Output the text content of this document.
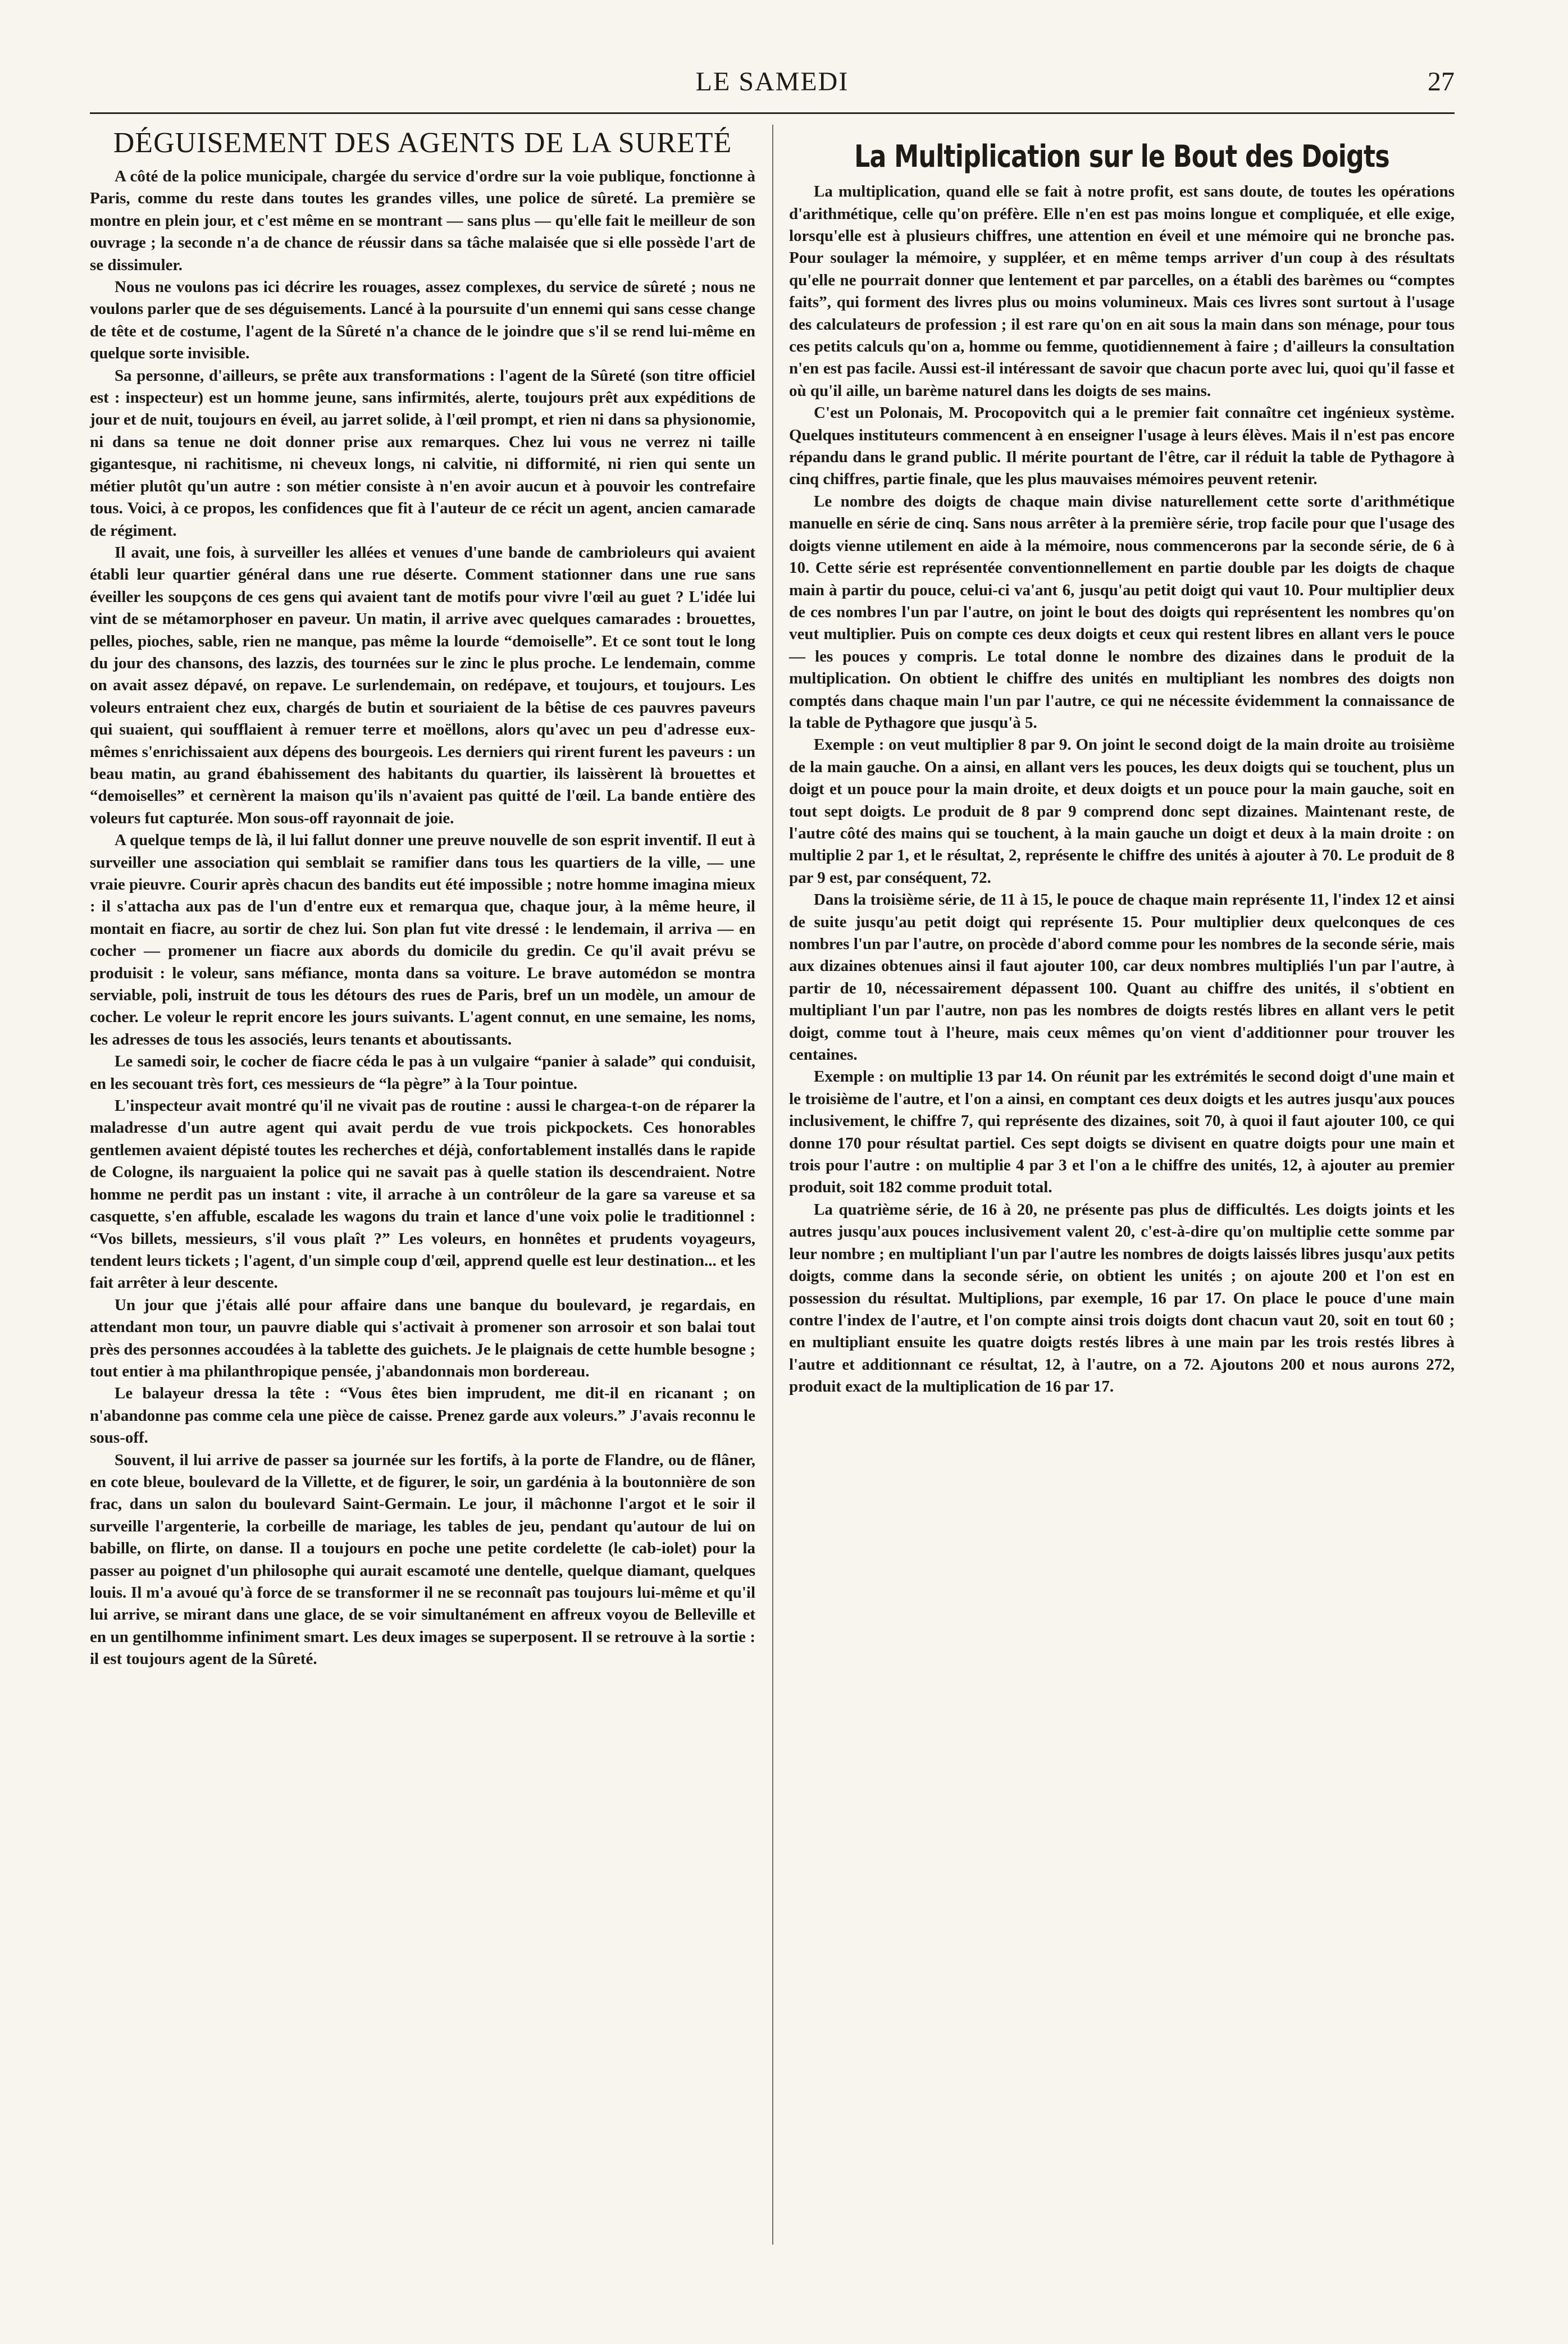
LE SAMEDI	27
DÉGUISEMENT DES AGENTS DE LA SURETÉ

A côté de la police municipale, chargée du service d'ordre sur la voie publique, fonctionne à Paris, comme du reste dans toutes les grandes villes, une police de sûreté. La première se montre en plein jour, et c'est même en se montrant — sans plus — qu'elle fait le meilleur de son ouvrage ; la seconde n'a de chance de réussir dans sa tâche malaisée que si elle possède l'art de se dissimuler.

Nous ne voulons pas ici décrire les rouages, assez complexes, du service de sûreté ; nous ne voulons parler que de ses déguisements. Lancé à la poursuite d'un ennemi qui sans cesse change de tête et de costume, l'agent de la Sûreté n'a chance de le joindre que s'il se rend lui-même en quelque sorte invisible.

Sa personne, d'ailleurs, se prête aux transformations : l'agent de la Sûreté (son titre officiel est : inspecteur) est un homme jeune, sans infirmités, alerte, toujours prêt aux expéditions de jour et de nuit, toujours en éveil, au jarret solide, à l'œil prompt, et rien ni dans sa physionomie, ni dans sa tenue ne doit donner prise aux remarques. Chez lui vous ne verrez ni taille gigantesque, ni rachitisme, ni cheveux longs, ni calvitie, ni difformité, ni rien qui sente un métier plutôt qu'un autre : son métier consiste à n'en avoir aucun et à pouvoir les contrefaire tous. Voici, à ce propos, les confidences que fit à l'auteur de ce récit un agent, ancien camarade de régiment.

Il avait, une fois, à surveiller les allées et venues d'une bande de cambrioleurs qui avaient établi leur quartier général dans une rue déserte. Comment stationner dans une rue sans éveiller les soupçons de ces gens qui avaient tant de motifs pour vivre l'œil au guet ? L'idée lui vint de se métamorphoser en paveur. Un matin, il arrive avec quelques camarades : brouettes, pelles, pioches, sable, rien ne manque, pas même la lourde “demoiselle”. Et ce sont tout le long du jour des chansons, des lazzis, des tournées sur le zinc le plus proche. Le lendemain, comme on avait assez dépavé, on repave. Le surlendemain, on redépave, et toujours, et toujours. Les voleurs entraient chez eux, chargés de butin et souriaient de la bêtise de ces pauvres paveurs qui suaient, qui soufflaient à remuer terre et moëllons, alors qu'avec un peu d'adresse eux-mêmes s'enrichissaient aux dépens des bourgeois. Les derniers qui rirent furent les paveurs : un beau matin, au grand ébahissement des habitants du quartier, ils laissèrent là brouettes et “demoiselles” et cernèrent la maison qu'ils n'avaient pas quitté de l'œil. La bande entière des voleurs fut capturée. Mon sous-off rayonnait de joie.

A quelque temps de là, il lui fallut donner une preuve nouvelle de son esprit inventif. Il eut à surveiller une association qui semblait se ramifier dans tous les quartiers de la ville, — une vraie pieuvre. Courir après chacun des bandits eut été impossible ; notre homme imagina mieux : il s'attacha aux pas de l'un d'entre eux et remarqua que, chaque jour, à la même heure, il montait en fiacre, au sortir de chez lui. Son plan fut vite dressé : le lendemain, il arriva — en cocher — promener un fiacre aux abords du domicile du gredin. Ce qu'il avait prévu se produisit : le voleur, sans méfiance, monta dans sa voiture. Le brave automédon se montra serviable, poli, instruit de tous les détours des rues de Paris, bref un un modèle, un amour de cocher. Le voleur le reprit encore les jours suivants. L'agent connut, en une semaine, les noms, les adresses de tous les associés, leurs tenants et aboutissants.

Le samedi soir, le cocher de fiacre céda le pas à un vulgaire “panier à salade” qui conduisit, en les secouant très fort, ces messieurs de “la pègre” à la Tour pointue.

L'inspecteur avait montré qu'il ne vivait pas de routine : aussi le chargea-t-on de réparer la maladresse d'un autre agent qui avait perdu de vue trois pickpockets. Ces honorables gentlemen avaient dépisté toutes les recherches et déjà, confortablement installés dans le rapide de Cologne, ils narguaient la police qui ne savait pas à quelle station ils descendraient. Notre homme ne perdit pas un instant : vite, il arrache à un contrôleur de la gare sa vareuse et sa casquette, s'en affuble, escalade les wagons du train et lance d'une voix polie le traditionnel : “Vos billets, messieurs, s'il vous plaît ?” Les voleurs, en honnêtes et prudents voyageurs, tendent leurs tickets ; l'agent, d'un simple coup d'œil, apprend quelle est leur destination... et les fait arrêter à leur descente.

Un jour que j'étais allé pour affaire dans une banque du boulevard, je regardais, en attendant mon tour, un pauvre diable qui s'activait à promener son arrosoir et son balai tout près des personnes accoudées à la tablette des guichets. Je le plaignais de cette humble besogne ; tout entier à ma philanthropique pensée, j'abandonnais mon bordereau.

Le balayeur dressa la tête : “Vous êtes bien imprudent, me dit-il en ricanant ; on n'abandonne pas comme cela une pièce de caisse. Prenez garde aux voleurs.” J'avais reconnu le sous-off.

Souvent, il lui arrive de passer sa journée sur les fortifs, à la porte de Flandre, ou de flâner, en cote bleue, boulevard de la Villette, et de figurer, le soir, un gardénia à la boutonnière de son frac, dans un salon du boulevard Saint-Germain. Le jour, il mâchonne l'argot et le soir il surveille l'argenterie, la corbeille de mariage, les tables de jeu, pendant qu'autour de lui on babille, on flirte, on danse. Il a toujours en poche une petite cordelette (le cab-iolet) pour la passer au poignet d'un philosophe qui aurait escamoté une dentelle, quelque diamant, quelques louis. Il m'a avoué qu'à force de se transformer il ne se reconnaît pas toujours lui-même et qu'il lui arrive, se mirant dans une glace, de se voir simultanément en affreux voyou de Belleville et en un gentilhomme infiniment smart. Les deux images se superposent. Il se retrouve à la sortie : il est toujours agent de la Sûreté.

La Multiplication sur le Bout des Doigts

La multiplication, quand elle se fait à notre profit, est sans doute, de toutes les opérations d'arithmétique, celle qu'on préfère. Elle n'en est pas moins longue et compliquée, et elle exige, lorsqu'elle est à plusieurs chiffres, une attention en éveil et une mémoire qui ne bronche pas. Pour soulager la mémoire, y suppléer, et en même temps arriver d'un coup à des résultats qu'elle ne pourrait donner que lentement et par parcelles, on a établi des barèmes ou “comptes faits”, qui forment des livres plus ou moins volumineux. Mais ces livres sont surtout à l'usage des calculateurs de profession ; il est rare qu'on en ait sous la main dans son ménage, pour tous ces petits calculs qu'on a, homme ou femme, quotidiennement à faire ; d'ailleurs la consultation n'en est pas facile. Aussi est-il intéressant de savoir que chacun porte avec lui, quoi qu'il fasse et où qu'il aille, un barème naturel dans les doigts de ses mains.

C'est un Polonais, M. Procopovitch qui a le premier fait connaître cet ingénieux système. Quelques instituteurs commencent à en enseigner l'usage à leurs élèves. Mais il n'est pas encore répandu dans le grand public. Il mérite pourtant de l'être, car il réduit la table de Pythagore à cinq chiffres, partie finale, que les plus mauvaises mémoires peuvent retenir.

Le nombre des doigts de chaque main divise naturellement cette sorte d'arithmétique manuelle en série de cinq. Sans nous arrêter à la première série, trop facile pour que l'usage des doigts vienne utilement en aide à la mémoire, nous commencerons par la seconde série, de 6 à 10. Cette série est représentée conventionnellement en partie double par les doigts de chaque main à partir du pouce, celui-ci va'ant 6, jusqu'au petit doigt qui vaut 10. Pour multiplier deux de ces nombres l'un par l'autre, on joint le bout des doigts qui représentent les nombres qu'on veut multiplier. Puis on compte ces deux doigts et ceux qui restent libres en allant vers le pouce — les pouces y compris. Le total donne le nombre des dizaines dans le produit de la multiplication. On obtient le chiffre des unités en multipliant les nombres des doigts non comptés dans chaque main l'un par l'autre, ce qui ne nécessite évidemment la connaissance de la table de Pythagore que jusqu'à 5.

Exemple : on veut multiplier 8 par 9. On joint le second doigt de la main droite au troisième de la main gauche. On a ainsi, en allant vers les pouces, les deux doigts qui se touchent, plus un doigt et un pouce pour la main droite, et deux doigts et un pouce pour la main gauche, soit en tout sept doigts. Le produit de 8 par 9 comprend donc sept dizaines. Maintenant reste, de l'autre côté des mains qui se touchent, à la main gauche un doigt et deux à la main droite : on multiplie 2 par 1, et le résultat, 2, représente le chiffre des unités à ajouter à 70. Le produit de 8 par 9 est, par conséquent, 72.

Dans la troisième série, de 11 à 15, le pouce de chaque main représente 11, l'index 12 et ainsi de suite jusqu'au petit doigt qui représente 15. Pour multiplier deux quelconques de ces nombres l'un par l'autre, on procède d'abord comme pour les nombres de la seconde série, mais aux dizaines obtenues ainsi il faut ajouter 100, car deux nombres multipliés l'un par l'autre, à partir de 10, nécessairement dépassent 100. Quant au chiffre des unités, il s'obtient en multipliant l'un par l'autre, non pas les nombres de doigts restés libres en allant vers le petit doigt, comme tout à l'heure, mais ceux mêmes qu'on vient d'additionner pour trouver les centaines.

Exemple : on multiplie 13 par 14. On réunit par les extrémités le second doigt d'une main et le troisième de l'autre, et l'on a ainsi, en comptant ces deux doigts et les autres jusqu'aux pouces inclusivement, le chiffre 7, qui représente des dizaines, soit 70, à quoi il faut ajouter 100, ce qui donne 170 pour résultat partiel. Ces sept doigts se divisent en quatre doigts pour une main et trois pour l'autre : on multiplie 4 par 3 et l'on a le chiffre des unités, 12, à ajouter au premier produit, soit 182 comme produit total.

La quatrième série, de 16 à 20, ne présente pas plus de difficultés. Les doigts joints et les autres jusqu'aux pouces inclusivement valent 20, c'est-à-dire qu'on multiplie cette somme par leur nombre ; en multipliant l'un par l'autre les nombres de doigts laissés libres jusqu'aux petits doigts, comme dans la seconde série, on obtient les unités ; on ajoute 200 et l'on est en possession du résultat. Multiplions, par exemple, 16 par 17. On place le pouce d'une main contre l'index de l'autre, et l'on compte ainsi trois doigts dont chacun vaut 20, soit en tout 60 ; en multipliant ensuite les quatre doigts restés libres à une main par les trois restés libres à l'autre et additionnant ce résultat, 12, à l'autre, on a 72. Ajoutons 200 et nous aurons 272, produit exact de la multiplication de 16 par 17.
